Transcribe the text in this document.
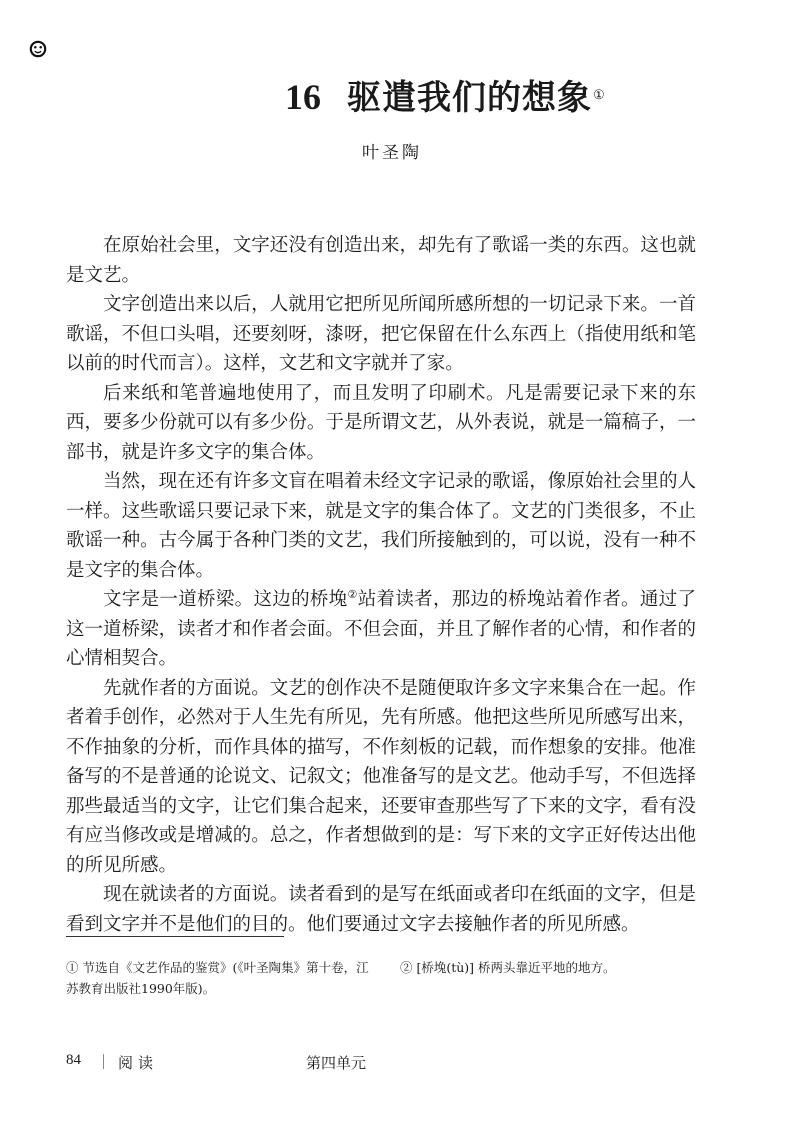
16 驱遣我们的想象 ①
叶圣陶

在原始社会里，文字还没有创造出来，却先有了歌谣一类的东西。这也就是文艺。

文字创造出来以后，人就用它把所见所闻所感所想的一切记录下来。一首歌谣，不但口头唱，还要刻呀，漆呀，把它保留在什么东西上（指使用纸和笔以前的时代而言）。这样，文艺和文字就并了家。

后来纸和笔普遍地使用了，而且发明了印刷术。凡是需要记录下来的东西，要多少份就可以有多少份。于是所谓文艺，从外表说，就是一篇稿子，一部书，就是许多文字的集合体。

当然，现在还有许多文盲在唱着未经文字记录的歌谣，像原始社会里的人一样。这些歌谣只要记录下来，就是文字的集合体了。文艺的门类很多，不止歌谣一种。古今属于各种门类的文艺，我们所接触到的，可以说，没有一种不是文字的集合体。

文字是一道桥梁。这边的桥堍②站着读者，那边的桥堍站着作者。通过了这一道桥梁，读者才和作者会面。不但会面，并且了解作者的心情，和作者的心情相契合。

先就作者的方面说。文艺的创作决不是随便取许多文字来集合在一起。作者着手创作，必然对于人生先有所见，先有所感。他把这些所见所感写出来，不作抽象的分析，而作具体的描写，不作刻板的记载，而作想象的安排。他准备写的不是普通的论说文、记叙文；他准备写的是文艺。他动手写，不但选择那些最适当的文字，让它们集合起来，还要审查那些写了下来的文字，看有没有应当修改或是增减的。总之，作者想做到的是：写下来的文字正好传达出他的所见所感。

现在就读者的方面说。读者看到的是写在纸面或者印在纸面的文字，但是看到文字并不是他们的目的。他们要通过文字去接触作者的所见所感。

① 节选自《文艺作品的鉴赏》(《叶圣陶集》第十卷，江苏教育出版社1990年版)。
② [桥堍(tù)] 桥两头靠近平地的地方。
84 阅读	第四单元
